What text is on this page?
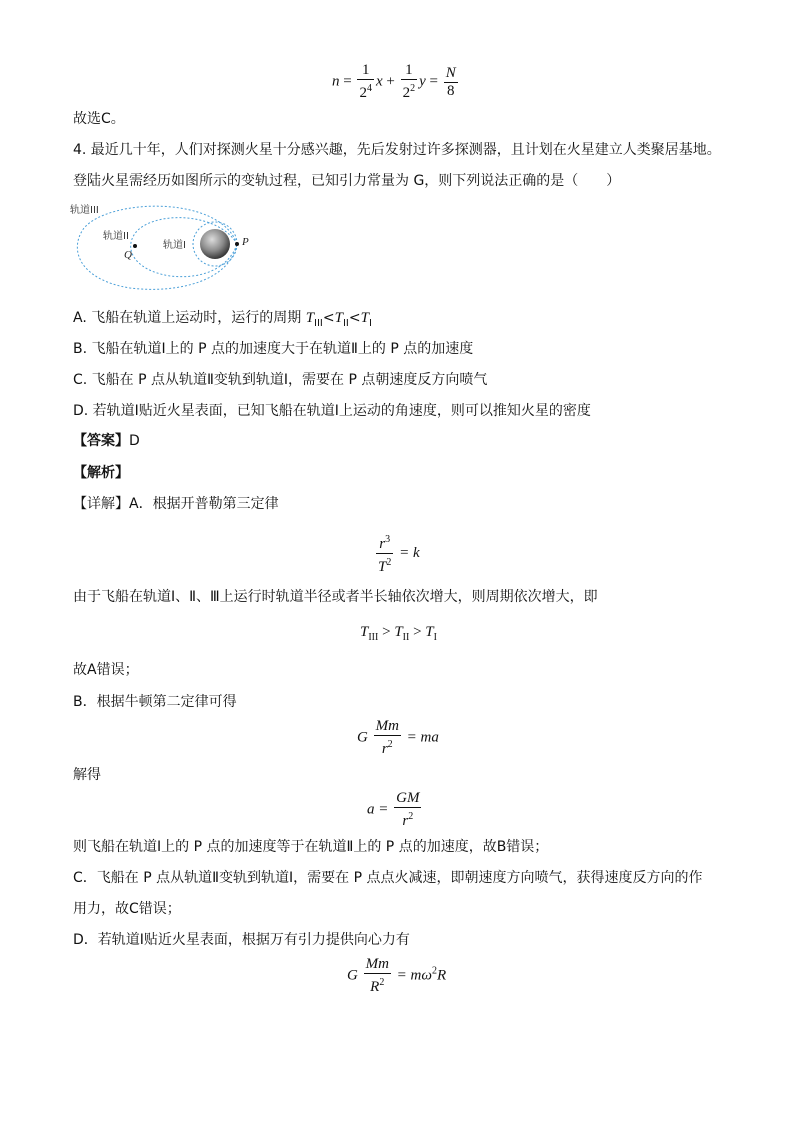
$n = \frac{1}{2^4}$ $x + \frac{1}{2^2}$ $y = \frac{N}{8}$
故选C。
4. 最近几十年，人们对探测火星十分感兴趣，先后发射过许多探测器，且计划在火星建立人类聚居基地。
登陆火星需经历如图所示的变轨过程，已知引力常量为 G，则下列说法正确的是（　　）
轨道III
轨道II
轨道I
Q
P
A. 飞船在轨道上运动时，运行的周期 $T_{III}<T_{II}<T_I$
B. 飞船在轨道Ⅰ上的 P 点的加速度大于在轨道Ⅱ上的 P 点的加速度
C. 飞船在 P 点从轨道Ⅱ变轨到轨道Ⅰ，需要在 P 点朝速度反方向喷气
D. 若轨道Ⅰ贴近火星表面，已知飞船在轨道Ⅰ上运动的角速度，则可以推知火星的密度
【答案】D
【解析】
【详解】A．根据开普勒第三定律
$\frac{r^3}{T^2} = k$
由于飞船在轨道Ⅰ、Ⅱ、Ⅲ上运行时轨道半径或者半长轴依次增大，则周期依次增大，即
$T_{III} > T_{II} > T_I$
故A错误；
B．根据牛顿第二定律可得
G $\frac{Mm}{r^2}$ = ma
解得
$a = \frac{GM}{r^2}$
则飞船在轨道Ⅰ上的 P 点的加速度等于在轨道Ⅱ上的 P 点的加速度，故B错误；
C．飞船在 P 点从轨道Ⅱ变轨到轨道Ⅰ，需要在 P 点点火减速，即朝速度方向喷气，获得速度反方向的作
用力，故C错误；
D．若轨道Ⅰ贴近火星表面，根据万有引力提供向心力有
G $\frac{Mm}{R^2} = m\omega^2R$
